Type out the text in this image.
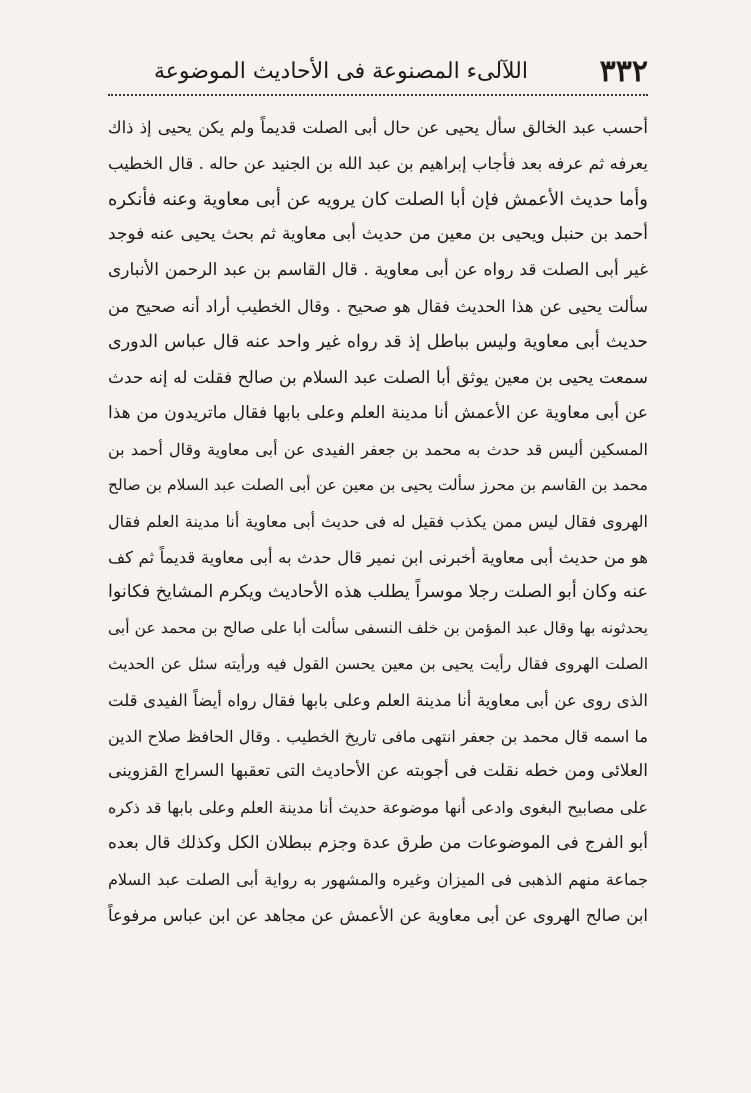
٣٣٢
اللآلىء المصنوعة فى الأحاديث الموضوعة
أحسب عبد الخالق سأل يحيى عن حال أبى الصلت قديماً ولم يكن يحيى إذ ذاك
يعرفه ثم عرفه بعد فأجاب إبراهيم بن عبد الله بن الجنيد عن حاله . قال الخطيب
وأما حديث الأعمش فإن أبا الصلت كان يرويه عن أبى معاوية وعنه فأنكره
أحمد بن حنبل ويحيى بن معين من حديث أبى معاوية ثم بحث يحيى عنه فوجد
غير أبى الصلت قد رواه عن أبى معاوية . قال القاسم بن عبد الرحمن الأنبارى
سألت يحيى عن هذا الحديث فقال هو صحيح . وقال الخطيب أراد أنه صحيح من
حديث أبى معاوية وليس بباطل إذ قد رواه غير واحد عنه قال عباس الدورى
سمعت يحيى بن معين يوثق أبا الصلت عبد السلام بن صالح فقلت له إنه حدث
عن أبى معاوية عن الأعمش أنا مدينة العلم وعلى بابها فقال ماتريدون من هذا
المسكين أليس قد حدث به محمد بن جعفر الفيدى عن أبى معاوية وقال أحمد بن
محمد بن القاسم بن محرز سألت يحيى بن معين عن أبى الصلت عبد السلام بن صالح
الهروى فقال ليس ممن يكذب فقيل له فى حديث أبى معاوية أنا مدينة العلم فقال
هو من حديث أبى معاوية أخبرنى ابن نمير قال حدث به أبى معاوية قديماً ثم كف
عنه وكان أبو الصلت رجلا موسراً يطلب هذه الأحاديث ويكرم المشايخ فكانوا
يحدثونه بها وقال عبد المؤمن بن خلف النسفى سألت أبا على صالح بن محمد عن أبى
الصلت الهروى فقال رأيت يحيى بن معين يحسن القول فيه ورأيته سئل عن الحديث
الذى روى عن أبى معاوية أنا مدينة العلم وعلى بابها فقال رواه أيضاً الفيدى قلت
ما اسمه قال محمد بن جعفر انتهى مافى تاريخ الخطيب . وقال الحافظ صلاح الدين
العلائى ومن خطه نقلت فى أجوبته عن الأحاديث التى تعقبها السراج القزوينى
على مصابيح البغوى وادعى أنها موضوعة حديث أنا مدينة العلم وعلى بابها قد ذكره
أبو الفرج فى الموضوعات من طرق عدة وجزم ببطلان الكل وكذلك قال بعده
جماعة منهم الذهبى فى الميزان وغيره والمشهور به رواية أبى الصلت عبد السلام
ابن صالح الهروى عن أبى معاوية عن الأعمش عن مجاهد عن ابن عباس مرفوعاً
